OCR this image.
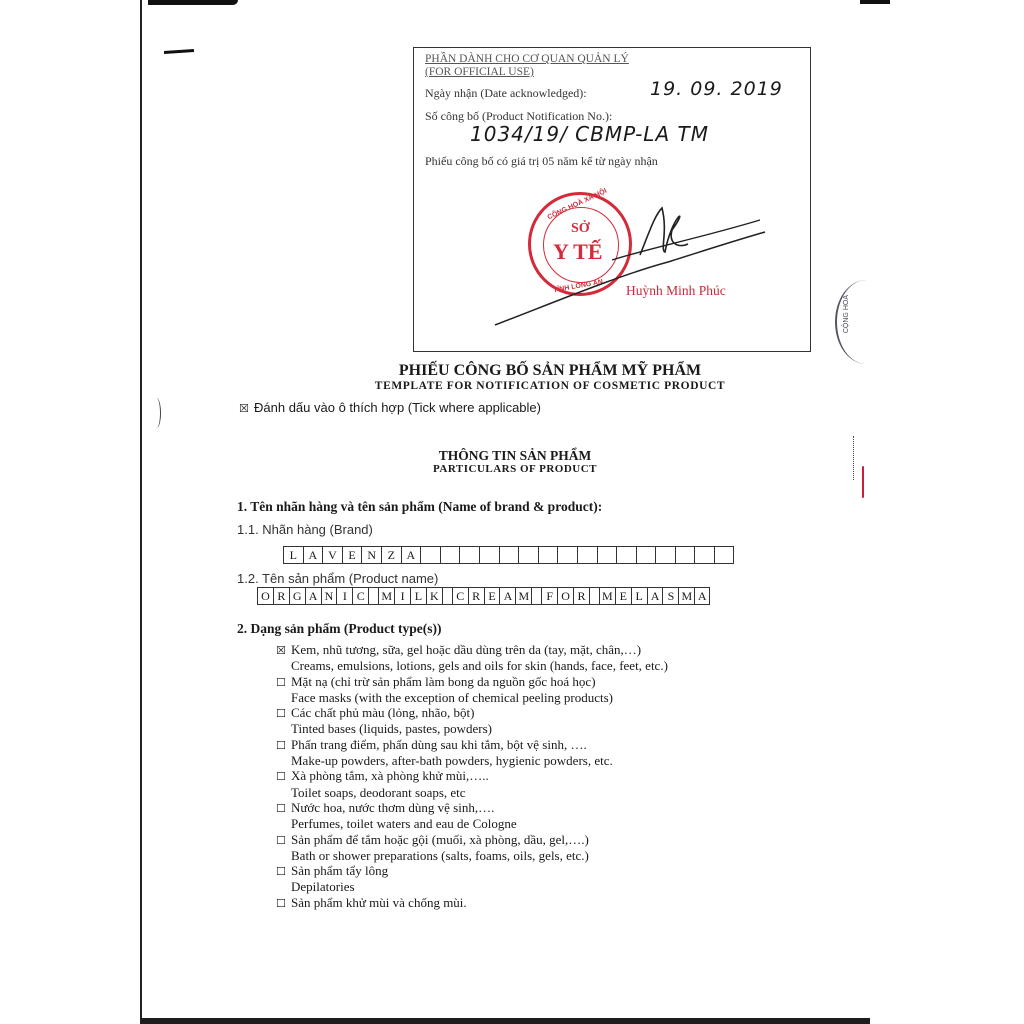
PHẦN DÀNH CHO CƠ QUAN QUẢN LÝ
(FOR OFFICIAL USE)
Ngày nhận (Date acknowledged):	19. 09. 2019
Số công bố (Product Notification No.):
1034/19/ CBMP-LA TM
Phiếu công bố có giá trị 05 năm kể từ ngày nhận
CỘNG HOÀ XÃ HỘI
TỈNH LONG AN
SỞ
Y TẾ
Huỳnh Minh Phúc
CỘNG HOÀ
PHIẾU CÔNG BỐ SẢN PHẨM MỸ PHẨM
TEMPLATE FOR NOTIFICATION OF COSMETIC PRODUCT
☒ Đánh dấu vào ô thích hợp (Tick where applicable)
THÔNG TIN SẢN PHẨM
PARTICULARS OF PRODUCT
1. Tên nhãn hàng và tên sản phẩm (Name of brand & product):
1.1. Nhãn hàng (Brand)
L A V E N Z A
1.2. Tên sản phẩm (Product name)
O R G A N I C M I L K	C R E A M	F O R M E L A S M A
2. Dạng sản phẩm (Product type(s))
☒ Kem, nhũ tương, sữa, gel hoặc dầu dùng trên da (tay, mặt, chân,…)
Creams, emulsions, lotions, gels and oils for skin (hands, face, feet, etc.)
☐ Mặt nạ (chỉ trừ sản phẩm làm bong da nguồn gốc hoá học)
Face masks (with the exception of chemical peeling products)
☐ Các chất phủ màu (lỏng, nhão, bột)
Tinted bases (liquids, pastes, powders)
☐ Phấn trang điểm, phấn dùng sau khi tắm, bột vệ sinh, ….
Make-up powders, after-bath powders, hygienic powders, etc.
☐ Xà phòng tắm, xà phòng khử mùi,…..
Toilet soaps, deodorant soaps, etc
☐ Nước hoa, nước thơm dùng vệ sinh,….
Perfumes, toilet waters and eau de Cologne
☐ Sản phẩm để tắm hoặc gội (muối, xà phòng, dầu, gel,….)
Bath or shower preparations (salts, foams, oils, gels, etc.)
☐ Sản phẩm tẩy lông
Depilatories
☐ Sản phẩm khử mùi và chống mùi.
